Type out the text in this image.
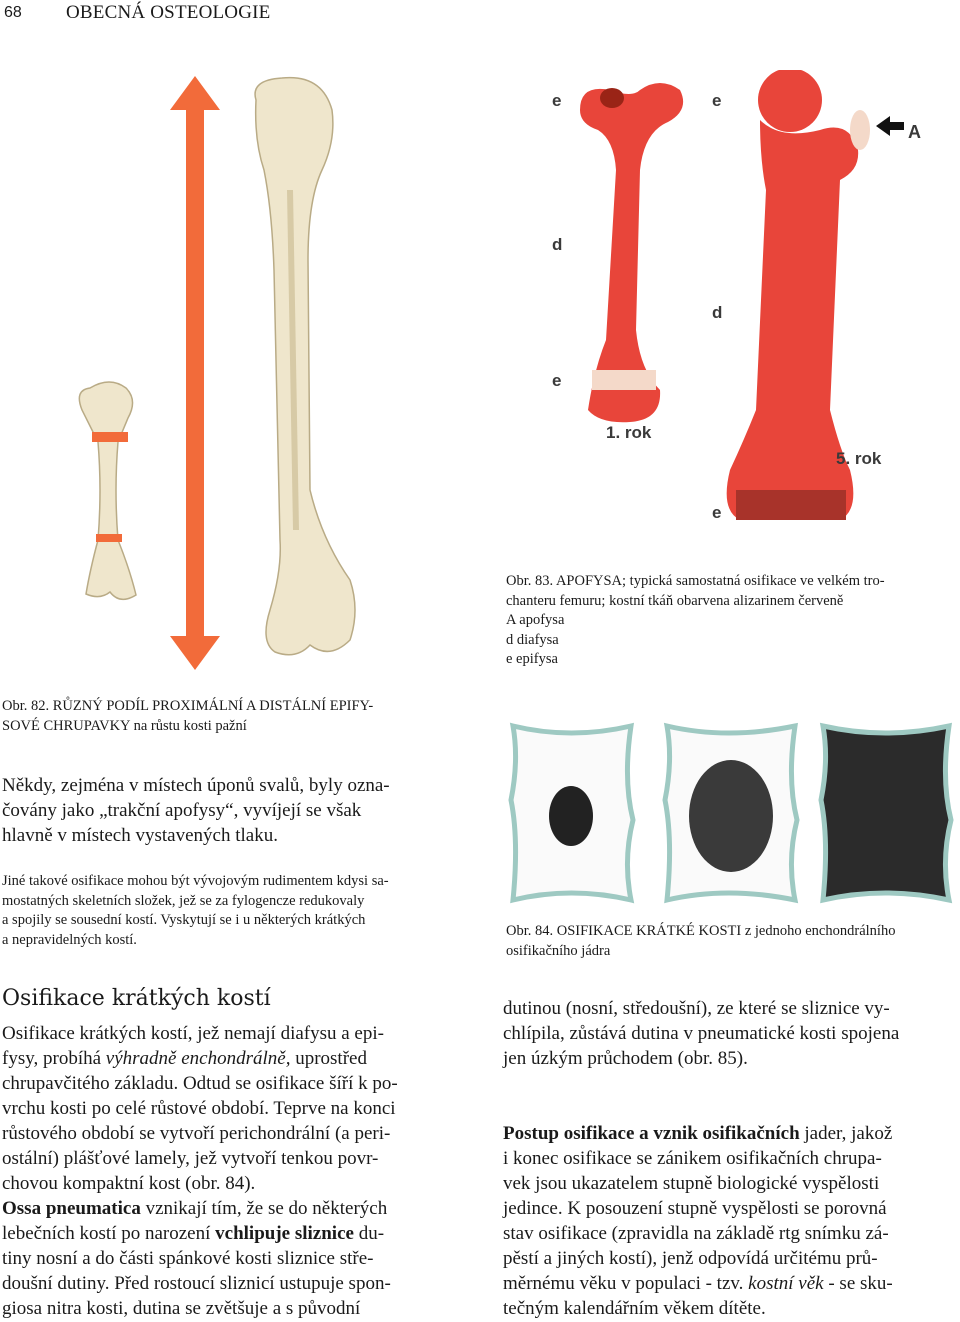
68 OBECNÁ OSTEOLOGIE
e	e
d
d
e
e
A
1. rok
5. rok
Obr. 83. APOFYSA; typická samostatná osifikace ve velkém tro-
chanteru femuru; kostní tkáň obarvena alizarinem červeně
A apofysa
d diafysa
e epifysa
Obr. 82. RŮZNÝ PODÍL PROXIMÁLNÍ A DISTÁLNÍ EPIFY-
SOVÉ CHRUPAVKY na růstu kosti pažní
Obr. 84. OSIFIKACE KRÁTKÉ KOSTI z jednoho enchondrálního
osifikačního jádra
Někdy, zejména v místech úponů svalů, byly ozna-
čovány jako „trakční apofysy“, vyvíjejí se však
hlavně v místech vystavených tlaku.
Jiné takové osifikace mohou být vývojovým rudimentem kdysi sa-
mostatných skeletních složek, jež se za fylogencze redukovaly
a spojily se sousední kostí. Vyskytují se i u některých krátkých
a nepravidelných kostí.
Osifikace krátkých kostí
Osifikace krátkých kostí, jež nemají diafysu a epi-
fysy, probíhá výhradně enchondrálně, uprostřed
chrupavčitého základu. Odtud se osifikace šíří k po-
vrchu kosti po celé růstové období. Teprve na konci
růstového období se vytvoří perichondrální (a peri-
ostální) plášťové lamely, jež vytvoří tenkou povr-
chovou kompaktní kost (obr. 84).
Ossa pneumatica vznikají tím, že se do některých
lebečních kostí po narození vchlipuje sliznice du-
tiny nosní a do části spánkové kosti sliznice stře-
doušní dutiny. Před rostoucí sliznicí ustupuje spon-
giosa nitra kosti, dutina se zvětšuje a s původní
dutinou (nosní, středoušní), ze které se sliznice vy-
chlípila, zůstává dutina v pneumatické kosti spojena
jen úzkým průchodem (obr. 85).
Postup osifikace a vznik osifikačních jader, jakož
i konec osifikace se zánikem osifikačních chrupa-
vek jsou ukazatelem stupně biologické vyspělosti
jedince. K posouzení stupně vyspělosti se porovná
stav osifikace (zpravidla na základě rtg snímku zá-
pěstí a jiných kostí), jenž odpovídá určitému prů-
měrnému věku v populaci - tzv. kostní věk - se sku-
tečným kalendářním věkem dítěte.
